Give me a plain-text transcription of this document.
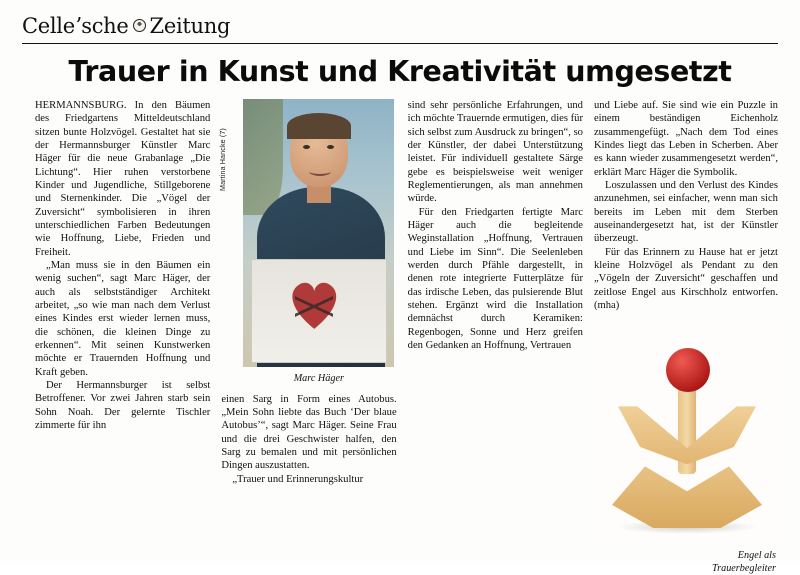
Celleʼsche Zeitung
Trauer in Kunst und Kreativität umgesetzt

HERMANNSBURG. In den Bäumen des Friedgartens Mitteldeutschland sitzen bunte Holzvögel. Gestaltet hat sie der Hermannsburger Künstler Marc Häger für die neue Grabanlage „Die Lichtung“. Hier ruhen verstorbene Kinder und Jugendliche, Stillgeborene und Sternenkinder. Die „Vögel der Zuversicht“ symbolisieren in ihren unterschiedlichen Farben Bedeutungen wie Hoffnung, Liebe, Frieden und Freiheit.

„Man muss sie in den Bäumen ein wenig suchen“, sagt Marc Häger, der auch als selbstständiger Architekt arbeitet, „so wie man nach dem Verlust eines Kindes erst wieder lernen muss, die schönen, die kleinen Dinge zu erkennen“. Mit seinen Kunstwerken möchte er Trauernden Hoffnung und Kraft geben.

Der Hermannsburger ist selbst Betroffener. Vor zwei Jahren starb sein Sohn Noah. Der gelernte Tischler zimmerte für ihn

Martina Hancke (7)
Marc Häger

einen Sarg in Form eines Autobus. „Mein Sohn liebte das Buch ‘Der blaue Autobus’“, sagt Marc Häger. Seine Frau und die drei Geschwister halfen, den Sarg zu bemalen und mit persönlichen Dingen auszustatten.

„Trauer und Erinnerungskultur

sind sehr persönliche Erfahrungen, und ich möchte Trauernde ermutigen, dies für sich selbst zum Ausdruck zu bringen“, so der Künstler, der dabei Unterstützung leistet. Für individuell gestaltete Särge gebe es beispielsweise weit weniger Reglementierungen, als man annehmen würde.

Für den Friedgarten fertigte Marc Häger auch die begleitende Weginstallation „Hoffnung, Vertrauen und Liebe im Sinn“. Die Seelenleben werden durch Pfähle dargestellt, in denen rote integrierte Futterplätze für das irdische Leben, das pulsierende Blut stehen. Ergänzt wird die Installation demnächst durch Keramiken: Regenbogen, Sonne und Herz greifen den Gedanken an Hoffnung, Vertrauen

und Liebe auf. Sie sind wie ein Puzzle in einem beständigen Eichenholz zusammengefügt. „Nach dem Tod eines Kindes liegt das Leben in Scherben. Aber es kann wieder zusammengesetzt werden“, erklärt Marc Häger die Symbolik.

Loszulassen und den Verlust des Kindes anzunehmen, sei einfacher, wenn man sich bereits im Leben mit dem Sterben auseinandergesetzt hat, ist der Künstler überzeugt.

Für das Erinnern zu Hause hat er jetzt kleine Holzvögel als Pendant zu den „Vögeln der Zuversicht“ geschaffen und zeitlose Engel aus Kirschholz entworfen. (mha)

Engel als
Trauerbegleiter
